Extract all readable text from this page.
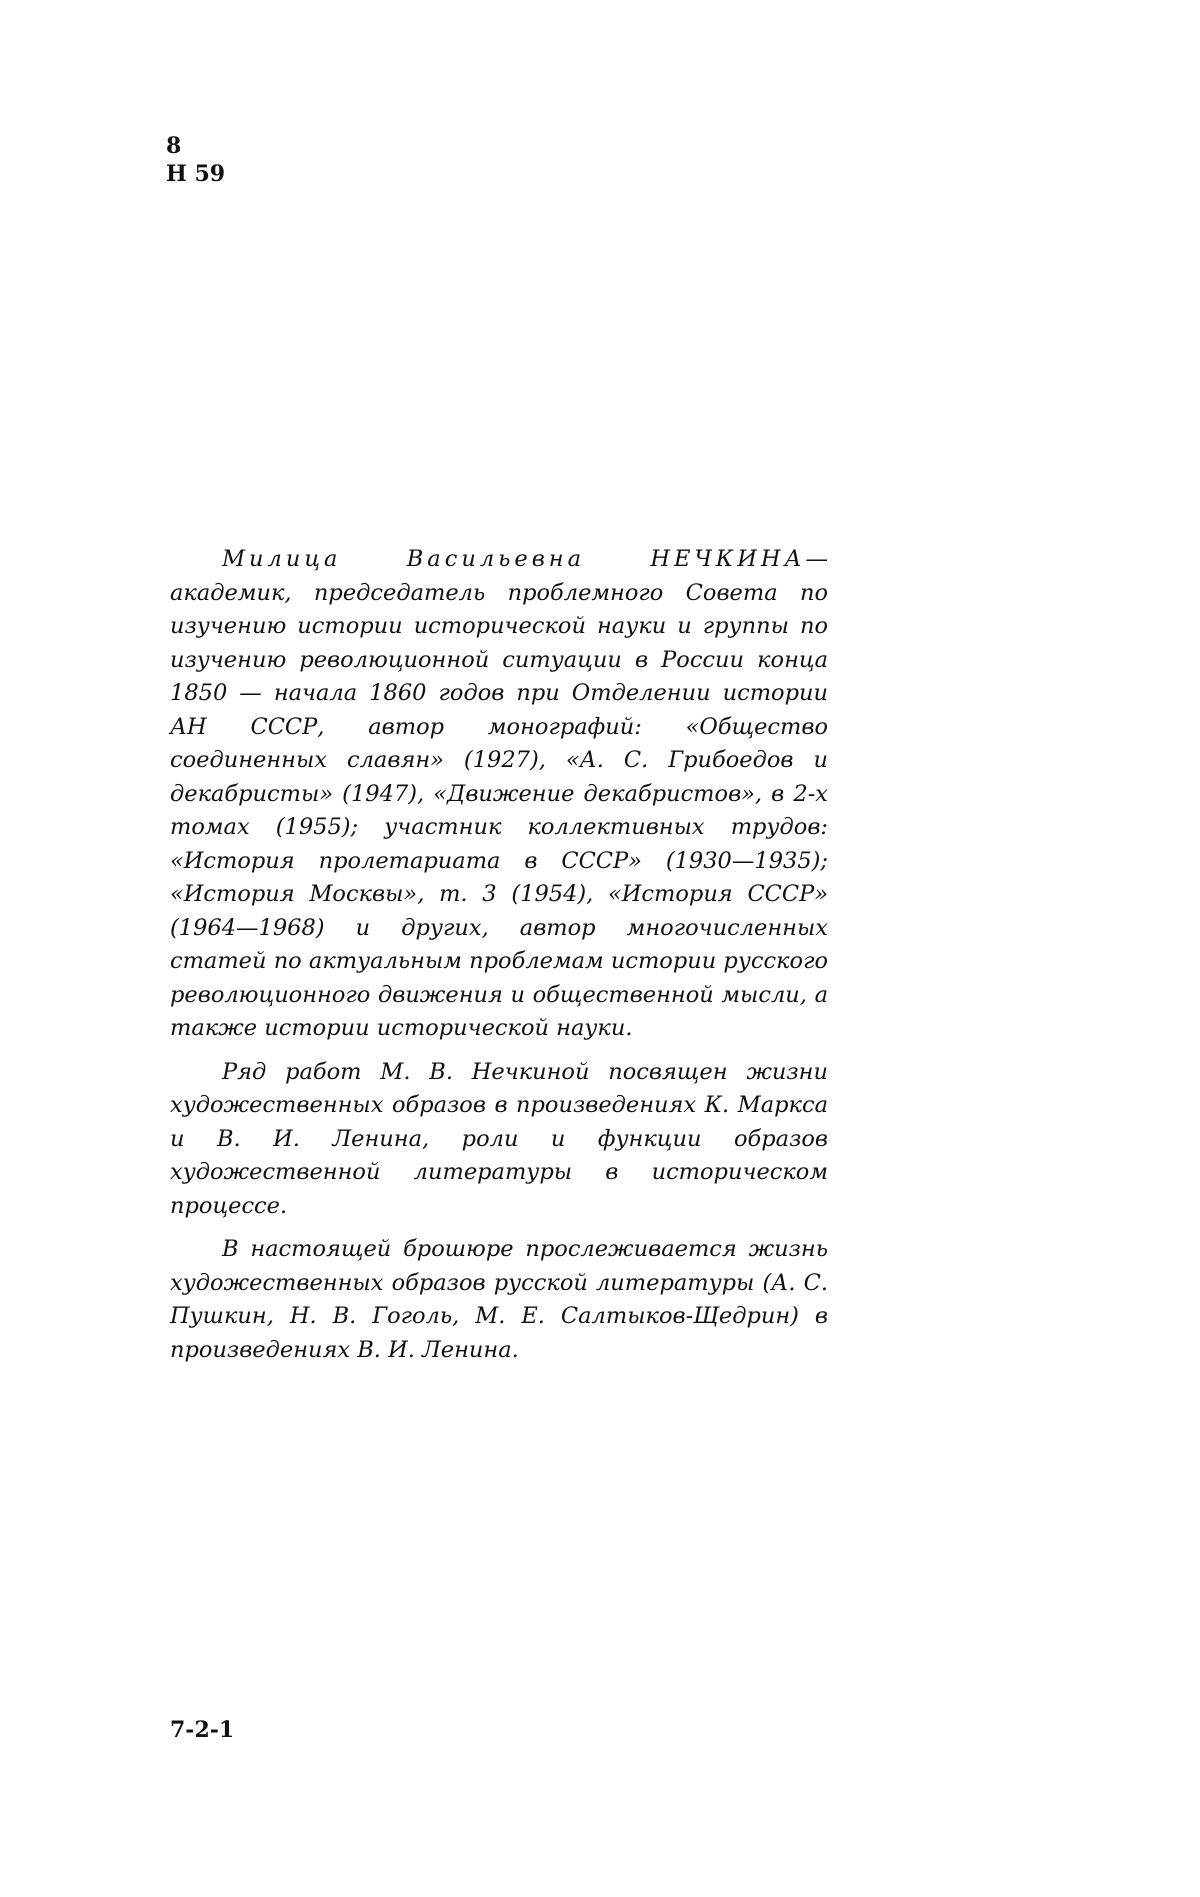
8
Н 59

Милица Васильевна НЕЧКИНА— академик, председатель проблемного Совета по изучению истории исторической науки и группы по изучению революционной ситуации в России конца 1850 — начала 1860 годов при Отделении истории АН СССР, автор монографий: «Общество соединенных славян» (1927), «А. С. Грибоедов и декабристы» (1947), «Движение декабристов», в 2-х томах (1955); участник коллективных трудов: «История пролетариата в СССР» (1930—1935); «История Москвы», т. 3 (1954), «История СССР» (1964—1968) и других, автор многочисленных статей по актуальным проблемам истории русского революционного движения и общественной мысли, а также истории исторической науки.

Ряд работ М. В. Нечкиной посвящен жизни художественных образов в произведениях К. Маркса и В. И. Ленина, роли и функции образов художественной литературы в историческом процессе.

В настоящей брошюре прослеживается жизнь художественных образов русской литературы (А. С. Пушкин, Н. В. Гоголь, М. Е. Салтыков-Щедрин) в произведениях В. И. Ленина.

7-2-1
